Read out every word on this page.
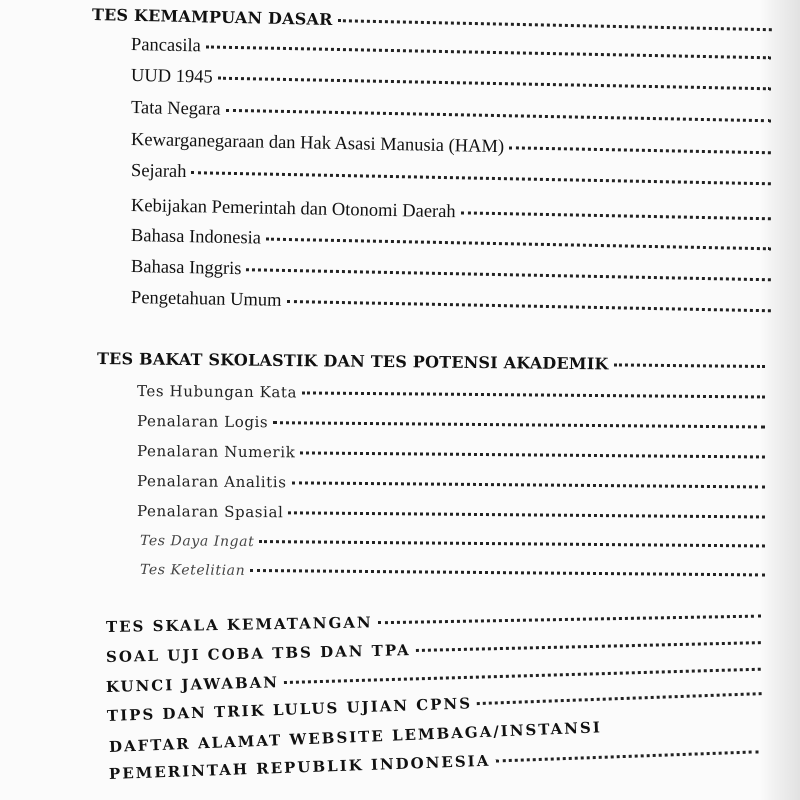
TES KEMAMPUAN DASAR
Pancasila
UUD 1945
Tata Negara
Kewarganegaraan dan Hak Asasi Manusia (HAM)
Sejarah
Kebijakan Pemerintah dan Otonomi Daerah
Bahasa Indonesia
Bahasa Inggris
Pengetahuan Umum
TES BAKAT SKOLASTIK DAN TES POTENSI AKADEMIK
Tes Hubungan Kata
Penalaran Logis
Penalaran Numerik
Penalaran Analitis
Penalaran Spasial
Tes Daya Ingat
Tes Ketelitian
TES SKALA KEMATANGAN
SOAL UJI COBA TBS DAN TPA
KUNCI JAWABAN
TIPS DAN TRIK LULUS UJIAN CPNS
DAFTAR ALAMAT WEBSITE LEMBAGA/INSTANSI
PEMERINTAH REPUBLIK INDONESIA
